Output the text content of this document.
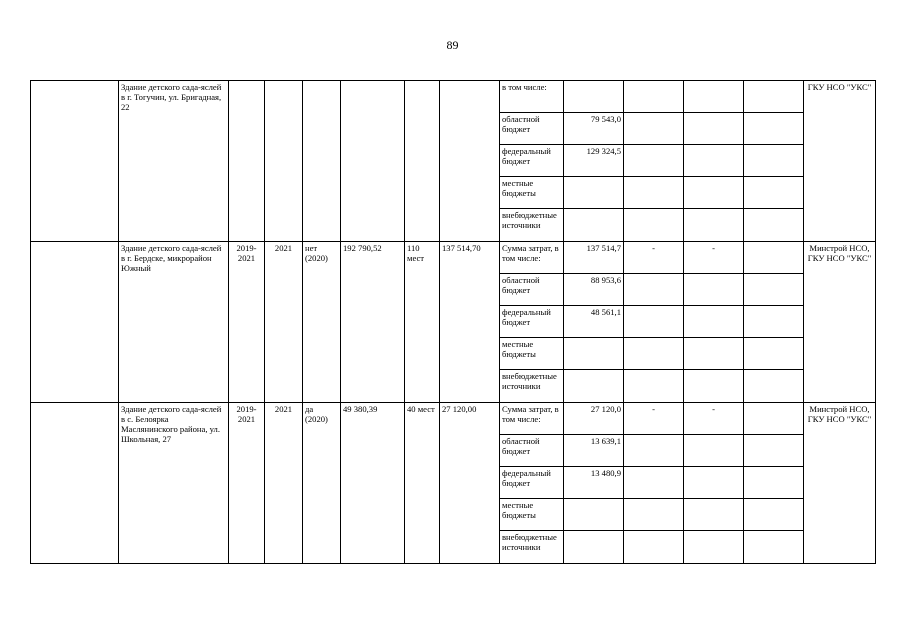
89
	Здание детского сада-яслей в г. Тогучин, ул. Бригадная, 22							в том числе:					ГКУ НСО "УКС"
								областной бюджет	79 543,0				
								федеральный бюджет	129 324,5				
								местные бюджеты					
								внебюджетные источники					
	Здание детского сада-яслей в г. Бердске, микрорайон Южный	2019-2021	2021	нет (2020)	192 790,52	110 мест	137 514,70	Сумма затрат, в том числе:	137 514,7	-	-		Минстрой НСО, ГКУ НСО "УКС"
								областной бюджет	88 953,6				
								федеральный бюджет	48 561,1				
								местные бюджеты					
								внебюджетные источники					
	Здание детского сада-яслей в с. Белоярка Маслянинского района, ул. Школьная, 27	2019-2021	2021	да (2020)	49 380,39	40 мест	27 120,00	Сумма затрат, в том числе:	27 120,0	-	-		Минстрой НСО, ГКУ НСО "УКС"
								областной бюджет	13 639,1				
								федеральный бюджет	13 480,9				
								местные бюджеты					
								внебюджетные источники					
